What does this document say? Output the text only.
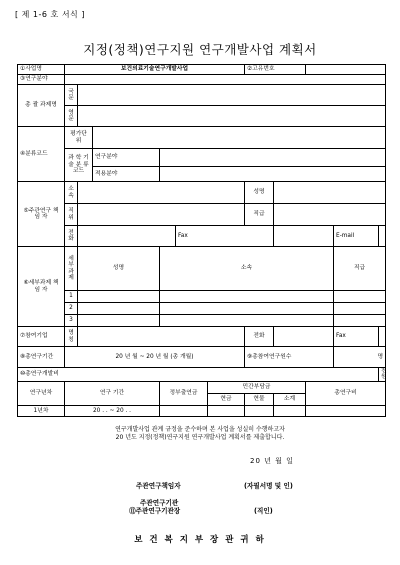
[ 제 1-6 호 서식 ]
지정(정책)연구지원 연구개발사업 계획서
①사업명	보건의료기술연구개발사업						②고유번호				
③연구분야											
총 괄 과제명	국 문										
	영 문										
④분류코드	평가단 위										
	과 학 기 술 분 류 코드		연구분야								
			적용분야								
⑤주관연구 책 임 자	소 속						성명				
	직 위						직급				
	전 화				Fax					E-mail	
⑥세부과제 책 임 자	세 부 과 제	성명		소속						직급	
	1										
	2										
	3										
⑦참여기업	명 칭						전화			Fax	
⑧총연구기간	20 년 월 ~ 20 년 월 (총 개월)						⑨총참여연구원수			명	
⑩총연구개발비											천원
연구년차	연구 기간			정부출연금		민간부담금			총연구비		
						현금	현물	소계			
1년차	20 . . ~ 20 . .										
연구개발사업 관계 규정을 준수하며 본 사업을 성실히 수행하고자
20 년도 지정(정책)연구지원 연구개발사업 계획서를 제출합니다.
20 년 월 일
주관연구책임자	(자필서명 및 인)
주관연구기관
⑪주관연구기관장	(직인)
보 건 복 지 부 장 관 귀 하
